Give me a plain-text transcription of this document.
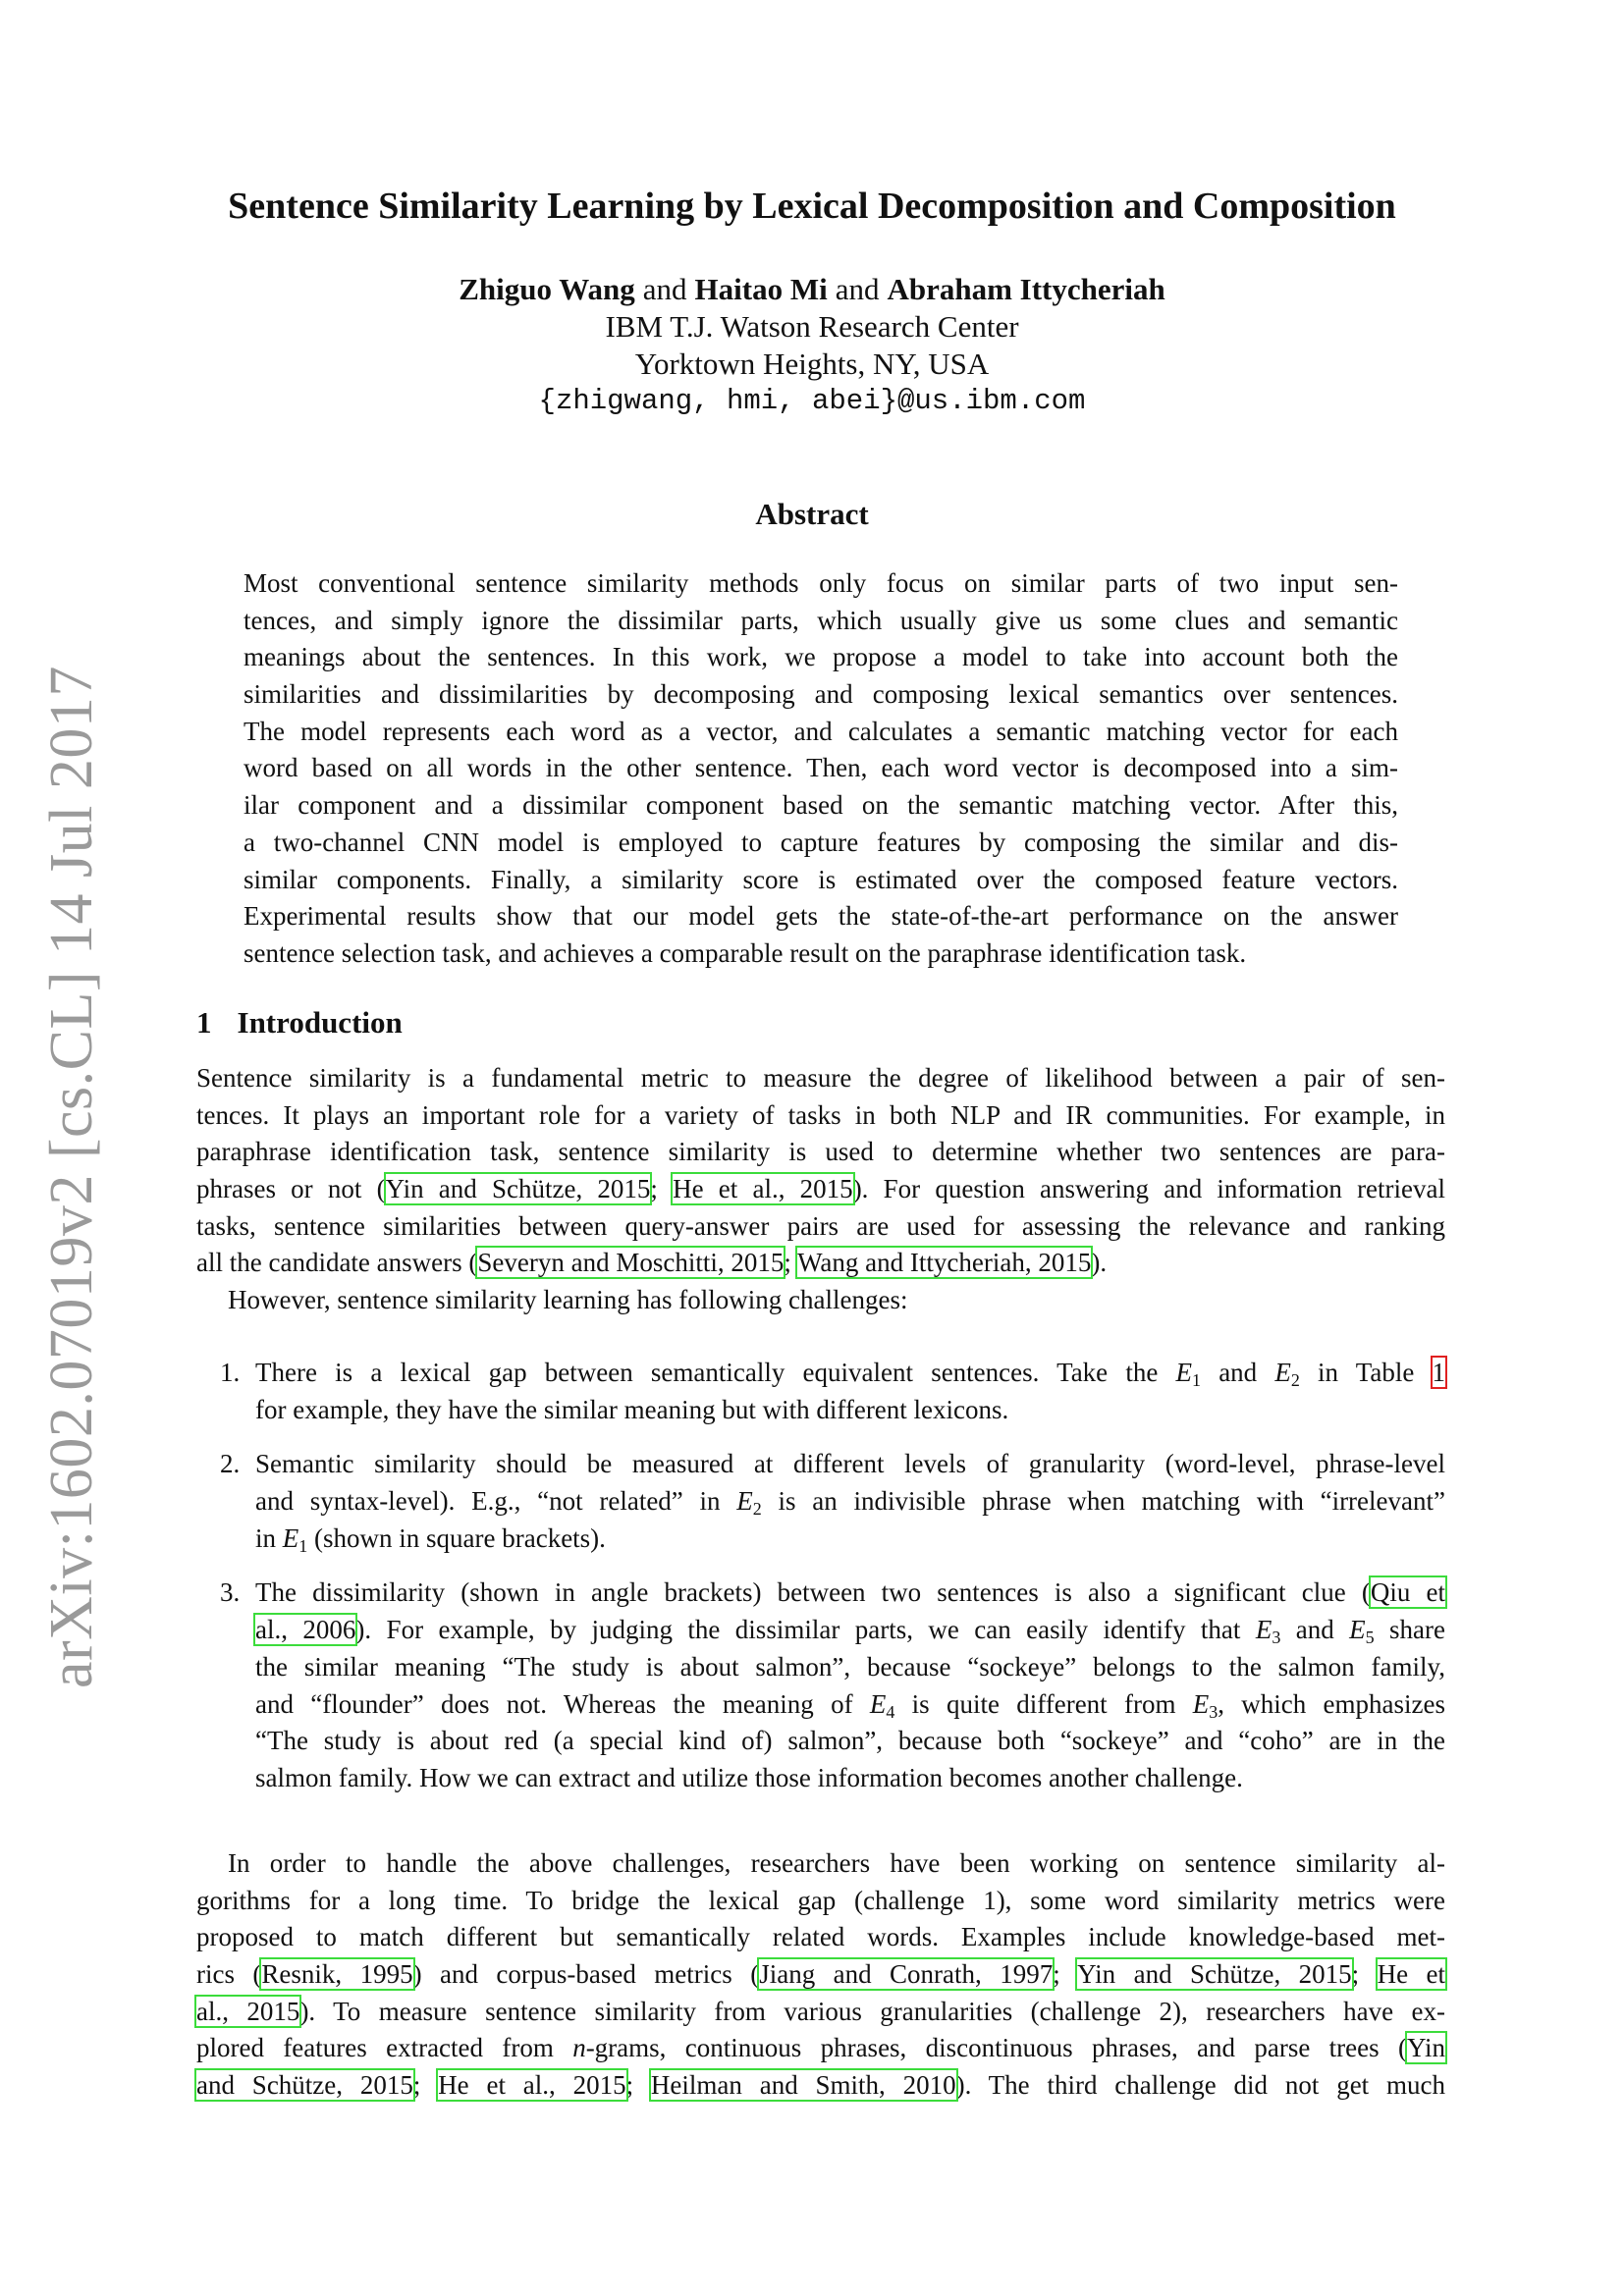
arXiv:1602.07019v2 [cs.CL] 14 Jul 2017
Sentence Similarity Learning by Lexical Decomposition and Composition
Zhiguo Wang and Haitao Mi and Abraham Ittycheriah
IBM T.J. Watson Research Center
Yorktown Heights, NY, USA
{zhigwang, hmi, abei}@us.ibm.com
Abstract
Most conventional sentence similarity methods only focus on similar parts of two input sen-
tences, and simply ignore the dissimilar parts, which usually give us some clues and semantic
meanings about the sentences. In this work, we propose a model to take into account both the
similarities and dissimilarities by decomposing and composing lexical semantics over sentences.
The model represents each word as a vector, and calculates a semantic matching vector for each
word based on all words in the other sentence. Then, each word vector is decomposed into a sim-
ilar component and a dissimilar component based on the semantic matching vector. After this,
a two-channel CNN model is employed to capture features by composing the similar and dis-
similar components. Finally, a similarity score is estimated over the composed feature vectors.
Experimental results show that our model gets the state-of-the-art performance on the answer
sentence selection task, and achieves a comparable result on the paraphrase identification task.
1 Introduction
Sentence similarity is a fundamental metric to measure the degree of likelihood between a pair of sen-
tences. It plays an important role for a variety of tasks in both NLP and IR communities. For example, in
paraphrase identification task, sentence similarity is used to determine whether two sentences are para-
phrases or not (Yin and Schütze, 2015; He et al., 2015). For question answering and information retrieval
tasks, sentence similarities between query-answer pairs are used for assessing the relevance and ranking
all the candidate answers (Severyn and Moschitti, 2015; Wang and Ittycheriah, 2015).
However, sentence similarity learning has following challenges:
1. There is a lexical gap between semantically equivalent sentences. Take the $E_1$ and $E_2$ in Table 1
for example, they have the similar meaning but with different lexicons.
2. Semantic similarity should be measured at different levels of granularity (word-level, phrase-level
and syntax-level). E.g., “not related” in $E_2$ is an indivisible phrase when matching with “irrelevant”
in $E_1$ (shown in square brackets).
3. The dissimilarity (shown in angle brackets) between two sentences is also a significant clue (Qiu et
al., 2006). For example, by judging the dissimilar parts, we can easily identify that $E_3$ and $E_5$ share
the similar meaning “The study is about salmon”, because “sockeye” belongs to the salmon family,
and “flounder” does not. Whereas the meaning of $E_4$ is quite different from $E_3$, which emphasizes
“The study is about red (a special kind of) salmon”, because both “sockeye” and “coho” are in the
salmon family. How we can extract and utilize those information becomes another challenge.
In order to handle the above challenges, researchers have been working on sentence similarity al-
gorithms for a long time. To bridge the lexical gap (challenge 1), some word similarity metrics were
proposed to match different but semantically related words. Examples include knowledge-based met-
rics (Resnik, 1995) and corpus-based metrics (Jiang and Conrath, 1997; Yin and Schütze, 2015; He et
al., 2015). To measure sentence similarity from various granularities (challenge 2), researchers have ex-
plored features extracted from n-grams, continuous phrases, discontinuous phrases, and parse trees (Yin
and Schütze, 2015; He et al., 2015; Heilman and Smith, 2010). The third challenge did not get much
